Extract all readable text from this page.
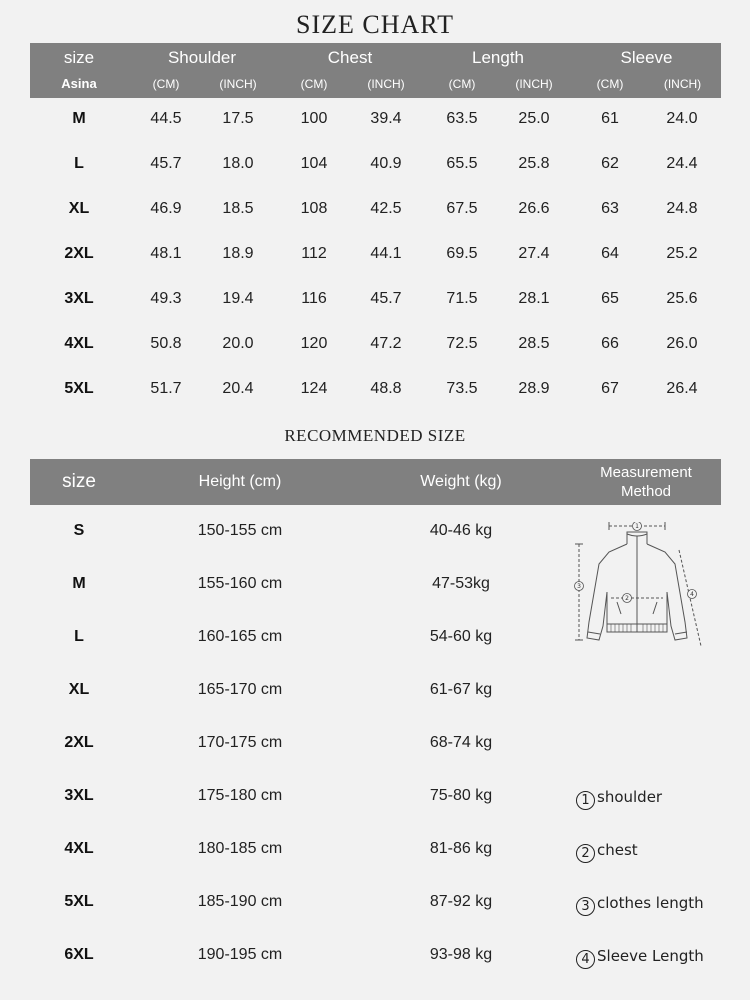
SIZE CHART
size	Shoulder	Chest	Length	Sleeve
Asina	(CM)	(INCH)	(CM)	(INCH)	(CM)	(INCH)	(CM)	(INCH)
M	44.5	17.5	100	39.4	63.5	25.0	61	24.0
L	45.7	18.0	104	40.9	65.5	25.8	62	24.4
XL	46.9	18.5	108	42.5	67.5	26.6	63	24.8
2XL	48.1	18.9	112	44.1	69.5	27.4	64	25.2
3XL	49.3	19.4	116	45.7	71.5	28.1	65	25.6
4XL	50.8	20.0	120	47.2	72.5	28.5	66	26.0
5XL	51.7	20.4	124	48.8	73.5	28.9	67	26.4
RECOMMENDED SIZE
size	Height (cm)	Weight (kg)
Measurement
Method
S	150-155 cm	40-46 kg
M	155-160 cm	47-53kg
L	160-165 cm	54-60 kg
XL	165-170 cm	61-67 kg
2XL	170-175 cm	68-74 kg
3XL	175-180 cm	75-80 kg
4XL	180-185 cm	81-86 kg
5XL	185-190 cm	87-92 kg
6XL	190-195 cm	93-98 kg
1
3
4
2
1 shoulder
2 chest
3 clothes length
4 Sleeve Length
